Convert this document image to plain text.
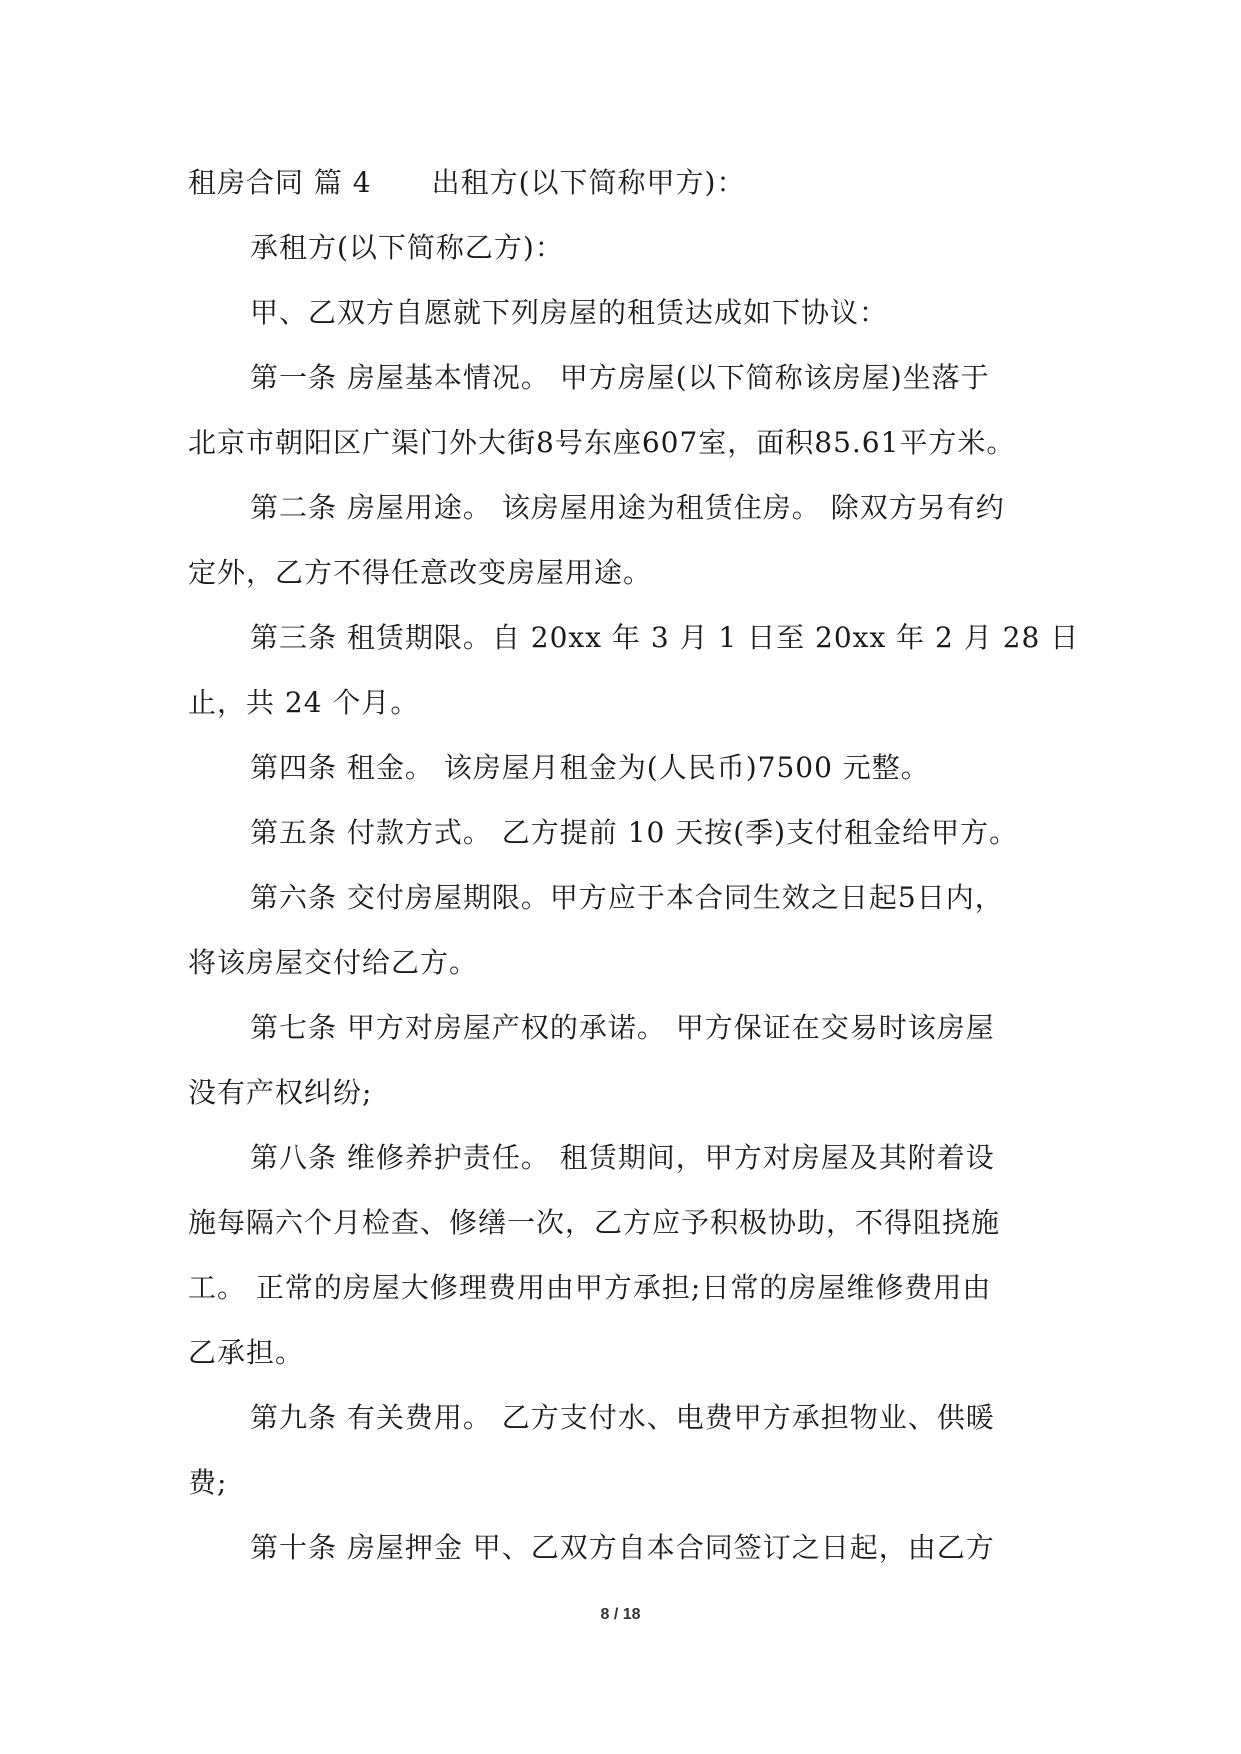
租房合同 篇 4 出租方(以下简称甲方)：
承租方(以下简称乙方)：
甲、乙双方自愿就下列房屋的租赁达成如下协议：
第一条 房屋基本情况。 甲方房屋(以下简称该房屋)坐落于
北京市朝阳区广渠门外大街8号东座607室，面积85.61平方米。
第二条 房屋用途。 该房屋用途为租赁住房。 除双方另有约
定外，乙方不得任意改变房屋用途。
第三条 租赁期限。自 20xx 年 3 月 1 日至 20xx 年 2 月 28 日
止，共 24 个月。
第四条 租金。 该房屋月租金为(人民币)7500 元整。
第五条 付款方式。 乙方提前 10 天按(季)支付租金给甲方。
第六条 交付房屋期限。甲方应于本合同生效之日起5日内，
将该房屋交付给乙方。
第七条 甲方对房屋产权的承诺。 甲方保证在交易时该房屋
没有产权纠纷;
第八条 维修养护责任。 租赁期间，甲方对房屋及其附着设
施每隔六个月检查、修缮一次，乙方应予积极协助，不得阻挠施
工。 正常的房屋大修理费用由甲方承担;日常的房屋维修费用由
乙承担。
第九条 有关费用。 乙方支付水、电费甲方承担物业、供暖
费;
第十条 房屋押金 甲、乙双方自本合同签订之日起，由乙方
8 / 18
